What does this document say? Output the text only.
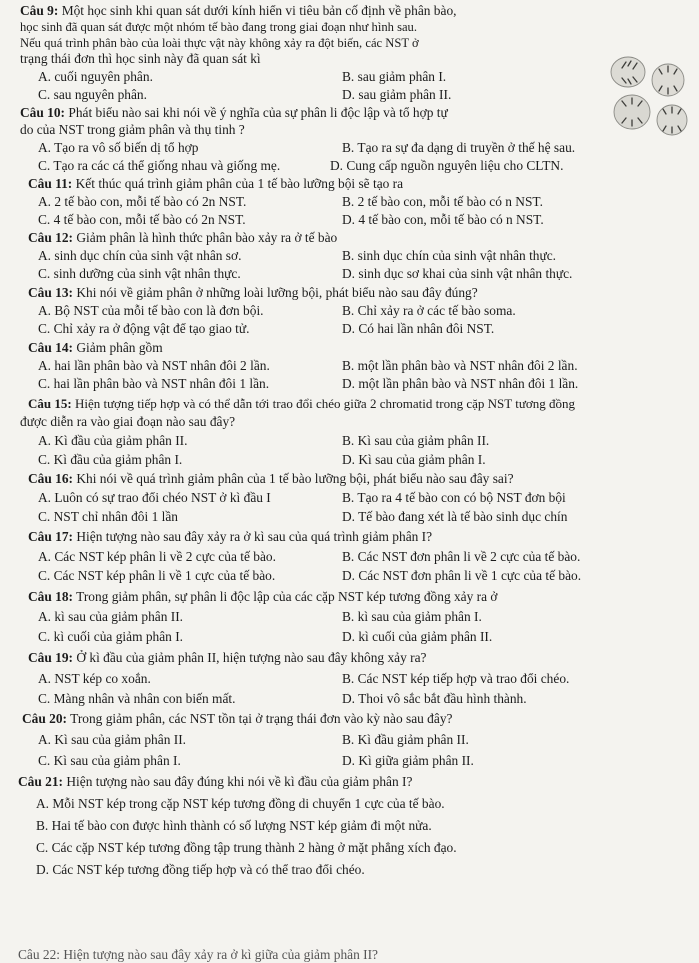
Câu 9: Một học sinh khi quan sát dưới kính hiển vi tiêu bản cố định về phân bào,
học sinh đã quan sát được một nhóm tế bào đang trong giai đoạn như hình sau.
Nếu quá trình phân bào của loài thực vật này không xảy ra đột biến, các NST ở
trạng thái đơn thì học sinh này đã quan sát kì
A. cuối nguyên phân.	B. sau giảm phân I.
C. sau nguyên phân.	D. sau giảm phân II.
Câu 10: Phát biểu nào sai khi nói về ý nghĩa của sự phân li độc lập và tổ hợp tự
do của NST trong giảm phân và thụ tinh ?
A. Tạo ra vô số biến dị tổ hợp	B. Tạo ra sự đa dạng di truyền ở thế hệ sau.
C. Tạo ra các cá thể giống nhau và giống mẹ.	D. Cung cấp nguồn nguyên liệu cho CLTN.
Câu 11: Kết thúc quá trình giảm phân của 1 tế bào lưỡng bội sẽ tạo ra
A. 2 tế bào con, mỗi tế bào có 2n NST.	B. 2 tế bào con, mỗi tế bào có n NST.
C. 4 tế bào con, mỗi tế bào có 2n NST.	D. 4 tế bào con, mỗi tế bào có n NST.
Câu 12: Giảm phân là hình thức phân bào xảy ra ở tế bào
A. sinh dục chín của sinh vật nhân sơ.	B. sinh dục chín của sinh vật nhân thực.
C. sinh dưỡng của sinh vật nhân thực.	D. sinh dục sơ khai của sinh vật nhân thực.
Câu 13: Khi nói về giảm phân ở những loài lưỡng bội, phát biểu nào sau đây đúng?
A. Bộ NST của mỗi tế bào con là đơn bội.	B. Chỉ xảy ra ở các tế bào soma.
C. Chỉ xảy ra ở động vật để tạo giao tử.	D. Có hai lần nhân đôi NST.
Câu 14: Giảm phân gồm
A. hai lần phân bào và NST nhân đôi 2 lần.	B. một lần phân bào và NST nhân đôi 2 lần.
C. hai lần phân bào và NST nhân đôi 1 lần.	D. một lần phân bào và NST nhân đôi 1 lần.
Câu 15: Hiện tượng tiếp hợp và có thể dẫn tới trao đổi chéo giữa 2 chromatid trong cặp NST tương đồng
được diễn ra vào giai đoạn nào sau đây?
A. Kì đầu của giảm phân II.	B. Kì sau của giảm phân II.
C. Kì đầu của giảm phân I.	D. Kì sau của giảm phân I.
Câu 16: Khi nói về quá trình giảm phân của 1 tế bào lưỡng bội, phát biểu nào sau đây sai?
A. Luôn có sự trao đổi chéo NST ở kì đầu I	B. Tạo ra 4 tế bào con có bộ NST đơn bội
C. NST chỉ nhân đôi 1 lần	D. Tế bào đang xét là tế bào sinh dục chín
Câu 17: Hiện tượng nào sau đây xảy ra ở kì sau của quá trình giảm phân I?
A. Các NST kép phân li về 2 cực của tế bào.	B. Các NST đơn phân li về 2 cực của tế bào.
C. Các NST kép phân li về 1 cực của tế bào.	D. Các NST đơn phân li về 1 cực của tế bào.
Câu 18: Trong giảm phân, sự phân li độc lập của các cặp NST kép tương đồng xảy ra ở
A. kì sau của giảm phân II.	B. kì sau của giảm phân I.
C. kì cuối của giảm phân I.	D. kì cuối của giảm phân II.
Câu 19: Ở kì đầu của giảm phân II, hiện tượng nào sau đây không xảy ra?
A. NST kép co xoắn.	B. Các NST kép tiếp hợp và trao đổi chéo.
C. Màng nhân và nhân con biến mất.	D. Thoi vô sắc bắt đầu hình thành.
Câu 20: Trong giảm phân, các NST tồn tại ở trạng thái đơn vào kỳ nào sau đây?
A. Kì sau của giảm phân II.	B. Kì đầu giảm phân II.
C. Kì sau của giảm phân I.	D. Kì giữa giảm phân II.
Câu 21: Hiện tượng nào sau đây đúng khi nói về kì đầu của giảm phân I?
A. Mỗi NST kép trong cặp NST kép tương đồng di chuyển 1 cực của tế bào.
B. Hai tế bào con được hình thành có số lượng NST kép giảm đi một nửa.
C. Các cặp NST kép tương đồng tập trung thành 2 hàng ở mặt phẳng xích đạo.
D. Các NST kép tương đồng tiếp hợp và có thể trao đổi chéo.
Câu 22: Hiện tượng nào sau đây xảy ra ở kì giữa của giảm phân II?
